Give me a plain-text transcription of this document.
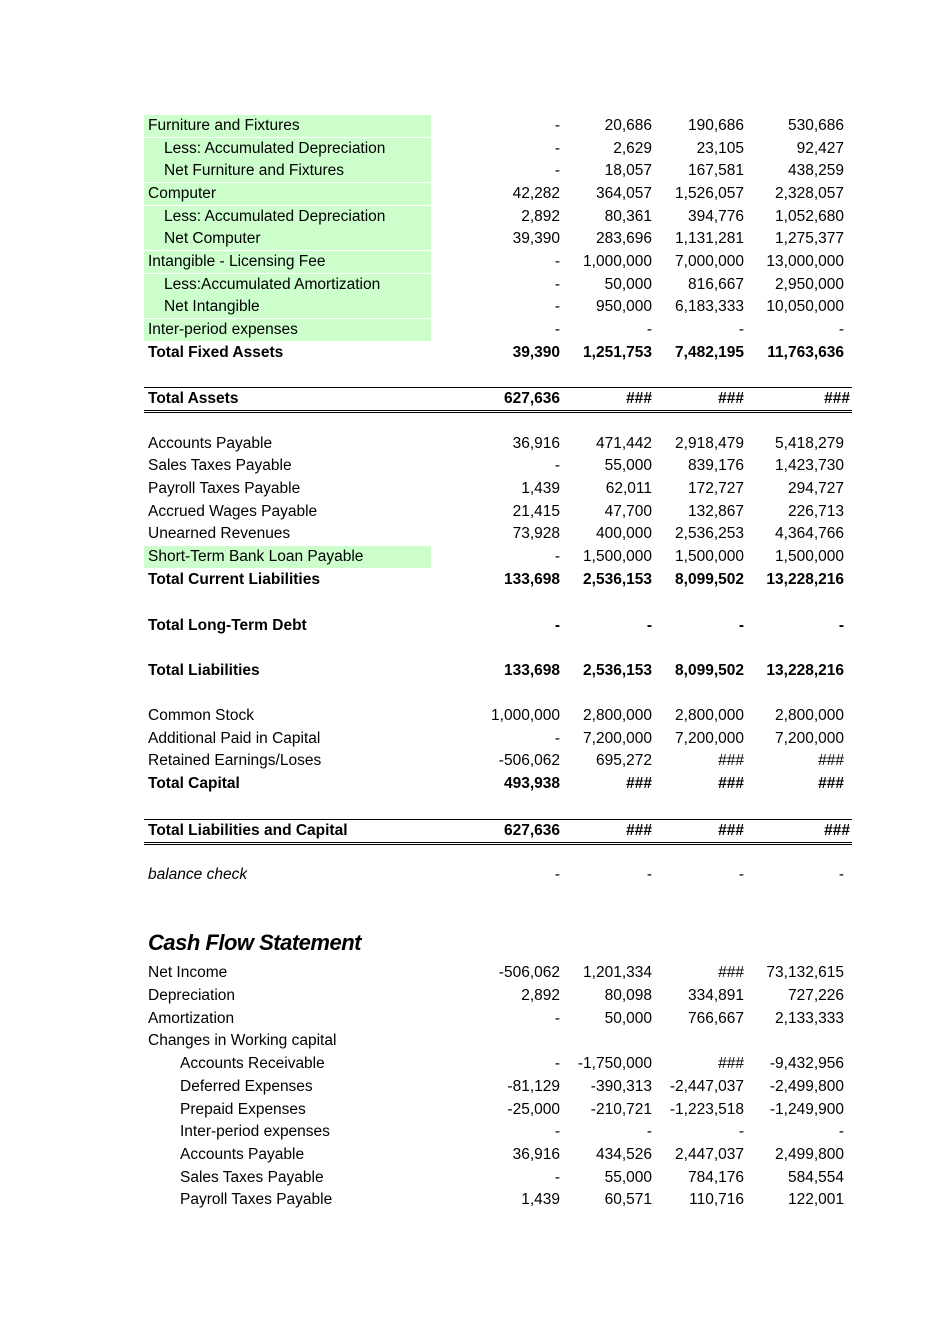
Furniture and Fixtures	-	20,686	190,686	530,686
Less: Accumulated Depreciation	-	2,629	23,105	92,427
Net Furniture and Fixtures	-	18,057	167,581	438,259
Computer	42,282	364,057	1,526,057	2,328,057
Less: Accumulated Depreciation	2,892	80,361	394,776	1,052,680
Net Computer	39,390	283,696	1,131,281	1,275,377
Intangible - Licensing Fee	-	1,000,000	7,000,000	13,000,000
Less:Accumulated Amortization	-	50,000	816,667	2,950,000
Net Intangible	-	950,000	6,183,333	10,050,000
Inter-period expenses	-	-	-	-
Total Fixed Assets	39,390	1,251,753	7,482,195	11,763,636
Total Assets	627,636	###	###	###
Accounts Payable	36,916	471,442	2,918,479	5,418,279
Sales Taxes Payable	-	55,000	839,176	1,423,730
Payroll Taxes Payable	1,439	62,011	172,727	294,727
Accrued Wages Payable	21,415	47,700	132,867	226,713
Unearned Revenues	73,928	400,000	2,536,253	4,364,766
Short-Term Bank Loan Payable	-	1,500,000	1,500,000	1,500,000
Total Current Liabilities	133,698	2,536,153	8,099,502	13,228,216
Total Long-Term Debt	-	-	-	-
Total Liabilities	133,698	2,536,153	8,099,502	13,228,216
Common Stock	1,000,000	2,800,000	2,800,000	2,800,000
Additional Paid in Capital	-	7,200,000	7,200,000	7,200,000
Retained Earnings/Loses	-506,062	695,272	###	###
Total Capital	493,938	###	###	###
Total Liabilities and Capital	627,636	###	###	###
balance check	-	-	-	-
Cash Flow Statement
Net Income	-506,062	1,201,334	###	73,132,615
Depreciation	2,892	80,098	334,891	727,226
Amortization	-	50,000	766,667	2,133,333
Changes in Working capital
Accounts Receivable	-	-1,750,000	###	-9,432,956
Deferred Expenses	-81,129	-390,313	-2,447,037	-2,499,800
Prepaid Expenses	-25,000	-210,721	-1,223,518	-1,249,900
Inter-period expenses	-	-	-	-
Accounts Payable	36,916	434,526	2,447,037	2,499,800
Sales Taxes Payable	-	55,000	784,176	584,554
Payroll Taxes Payable	1,439	60,571	110,716	122,001
